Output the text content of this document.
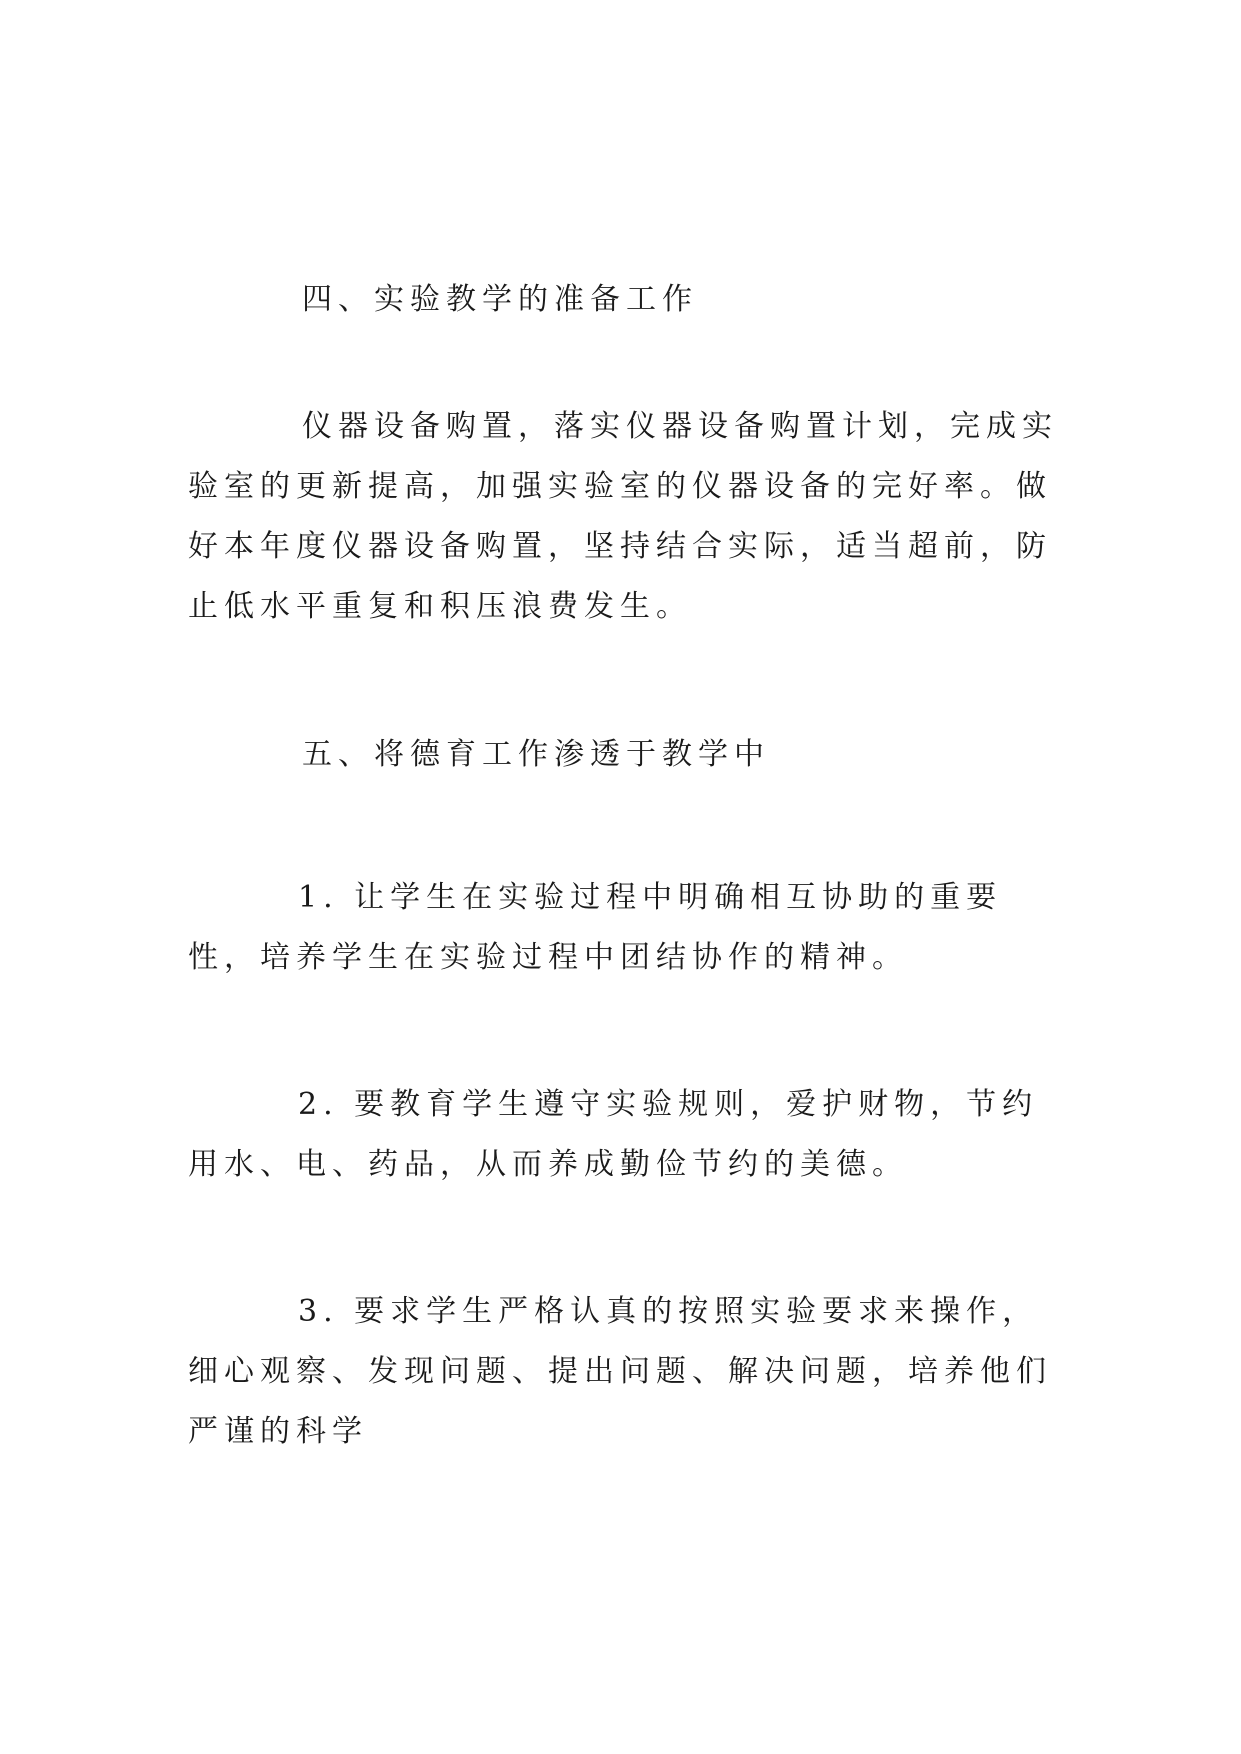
四、实验教学的准备工作
仪器设备购置，落实仪器设备购置计划，完成实验室的更新提高，加强实验室的仪器设备的完好率。做好本年度仪器设备购置，坚持结合实际，适当超前，防止低水平重复和积压浪费发生。
五、将德育工作渗透于教学中
1. 让学生在实验过程中明确相互协助的重要性，培养学生在实验过程中团结协作的精神。
2. 要教育学生遵守实验规则，爱护财物，节约用水、电、药品，从而养成勤俭节约的美德。
3. 要求学生严格认真的按照实验要求来操作，细心观察、发现问题、提出问题、解决问题，培养他们严谨的科学
